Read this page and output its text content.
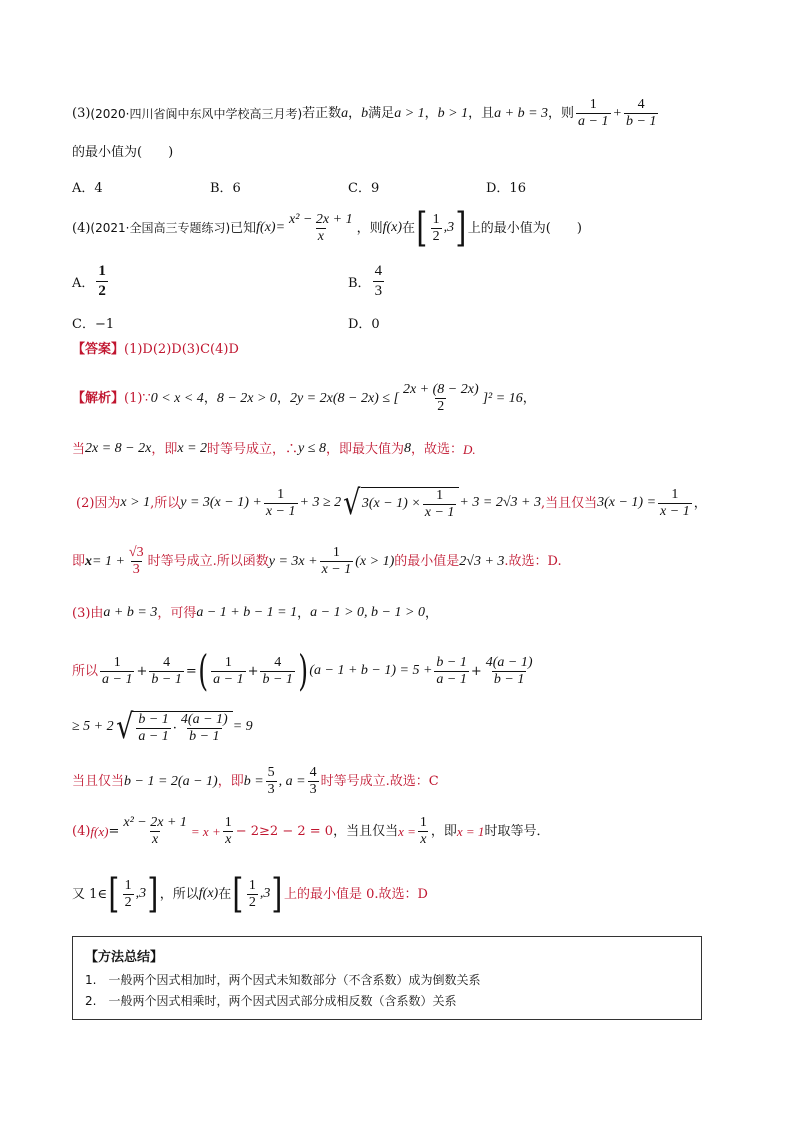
(3) (2020·四川省阆中东风中学校高三月考) 若正数 a ， b 满足 a > 1 ， b > 1 ，且 a + b = 3 ，则 $\frac{1}{a - 1} + \frac{4}{b - 1}$
的最小值为(　　)
A．4	B．6	C．9	D．16
(4) (2021·全国高三专题练习) 已知 $f(x) = \frac{\text{x² − 2x + 1}}{x}$ ，则 f(x) 在 [ $\frac{1}{2} ,3$ ] 上的最小值为(　　)
A． $\frac{1}{2}$	B． $\frac{4}{3}$
C．−1	D．0
【答案】 (1)D(2)D(3)C(4)D
【解析】 (1)∵ 0 < x < 4 ， 8 − 2x > 0 ， 2y = 2x(8 − 2x) ≤ [ $\frac{2x + (8 - 2x)}{2} ]^2 = 16$ ，
当 2x = 8 − 2x ，即 x = 2 时等号成立，∴ y ≤ 8 ，即最大值为 8 ，故选： D.
(2)因为 x > 1 ,所以 $y = 3(x - 1) + \frac{1}{x - 1} + 3 \ge 2$ √ $3(x - 1) \times \frac{1}{x - 1} + 3 = 2√3 + 3$ ,当且仅当 $3(x - 1) = \frac{1}{x - 1}$ ，
即 $x = 1 + \frac{√3}{3}$ 时等号成立.所以函数 $y = 3x + \frac{1}{x - 1} (x > 1)$ 的最小值是 2√3 + 3 .故选：D.
(3)由 a + b = 3 ，可得 a − 1 + b − 1 = 1 ， a − 1 > 0, b − 1 > 0 ，
所以 $\frac{1}{a - 1} + \frac{4}{b - 1}$ = ( $\frac{1}{a - 1} + \frac{4}{b - 1}$ ) $(a - 1 + b - 1) = 5 + \frac{b - 1}{a - 1} + \frac{4(a - 1)}{b - 1}$
≥ 5 + 2 √ $\frac{b - 1}{a - 1} \cdot \frac{4(a - 1)}{b - 1} = 9$
当且仅当 b − 1 = 2(a − 1) ，即 $b = \frac{5}{3}$ , $a = \frac{4}{3}$ 时等号成立.故选：C
(4) $f(x) = \frac{\text{x² − 2x + 1}}{x} = x + \frac{1}{x} - 2\ge 2 - 2 = 0$ ，当且仅当 $x = \frac{1}{x}$ ，即 x = 1 时取等号．
又 1∈ [ $\frac{1}{2} ,3$ ] ，所以 f(x) 在 [ $\frac{1}{2} ,3$ ] 上的最小值是 0.故选：D
【方法总结】
1.　一般两个因式相加时，两个因式未知数部分（不含系数）成为倒数关系
2.　一般两个因式相乘时，两个因式因式部分成相反数（含系数）关系
